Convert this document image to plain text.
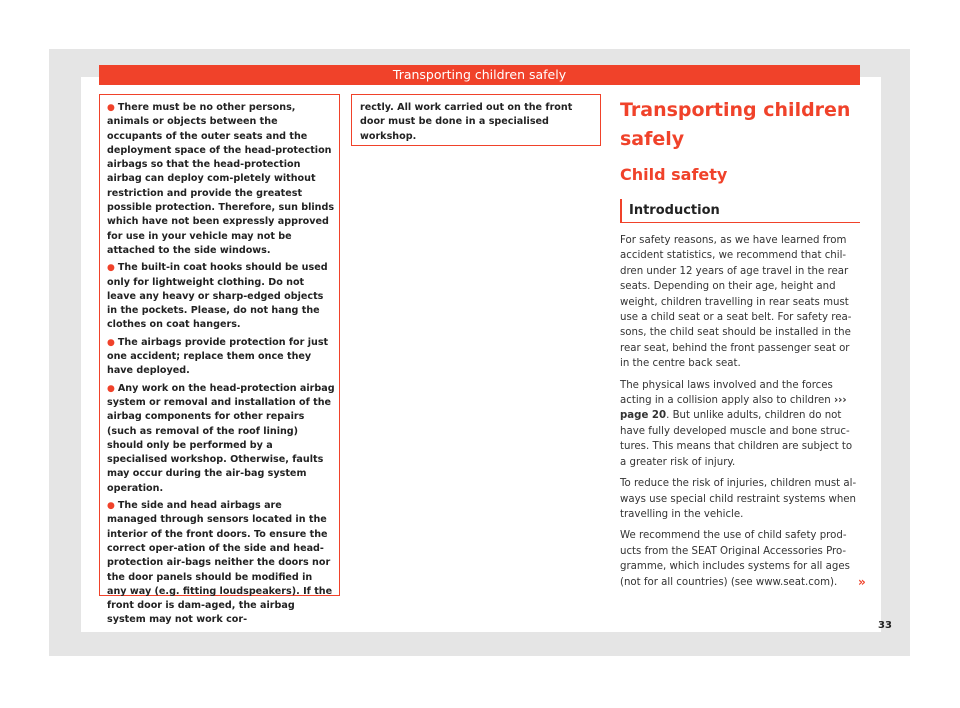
Transporting children safely

● There must be no other persons, animals or objects between the occupants of the outer seats and the deployment space of the head-protection airbags so that the head-protection airbag can deploy com-pletely without restriction and provide the greatest possible protection. Therefore, sun blinds which have not been expressly approved for use in your vehicle may not be attached to the side windows.

● The built-in coat hooks should be used only for lightweight clothing. Do not leave any heavy or sharp-edged objects in the pockets. Please, do not hang the clothes on coat hangers.

● The airbags provide protection for just one accident; replace them once they have deployed.

● Any work on the head-protection airbag system or removal and installation of the airbag components for other repairs (such as removal of the roof lining) should only be performed by a specialised workshop. Otherwise, faults may occur during the air-bag system operation.

● The side and head airbags are managed through sensors located in the interior of the front doors. To ensure the correct oper-ation of the side and head-protection air-bags neither the doors nor the door panels should be modified in any way (e.g. fitting loudspeakers). If the front door is dam-aged, the airbag system may not work cor-

rectly. All work carried out on the front door must be done in a specialised workshop.

Transporting children safely
Child safety
Introduction

For safety reasons, as we have learned from accident statistics, we recommend that chil-dren under 12 years of age travel in the rear seats. Depending on their age, height and weight, children travelling in rear seats must use a child seat or a seat belt. For safety rea-sons, the child seat should be installed in the rear seat, behind the front passenger seat or in the centre back seat.

The physical laws involved and the forces acting in a collision apply also to children ››› page 20. But unlike adults, children do not have fully developed muscle and bone struc-tures. This means that children are subject to a greater risk of injury.

To reduce the risk of injuries, children must al-ways use special child restraint systems when travelling in the vehicle.

We recommend the use of child safety prod-ucts from the SEAT Original Accessories Pro-gramme, which includes systems for all ages (not for all countries) (see www.seat.com).	»
33
